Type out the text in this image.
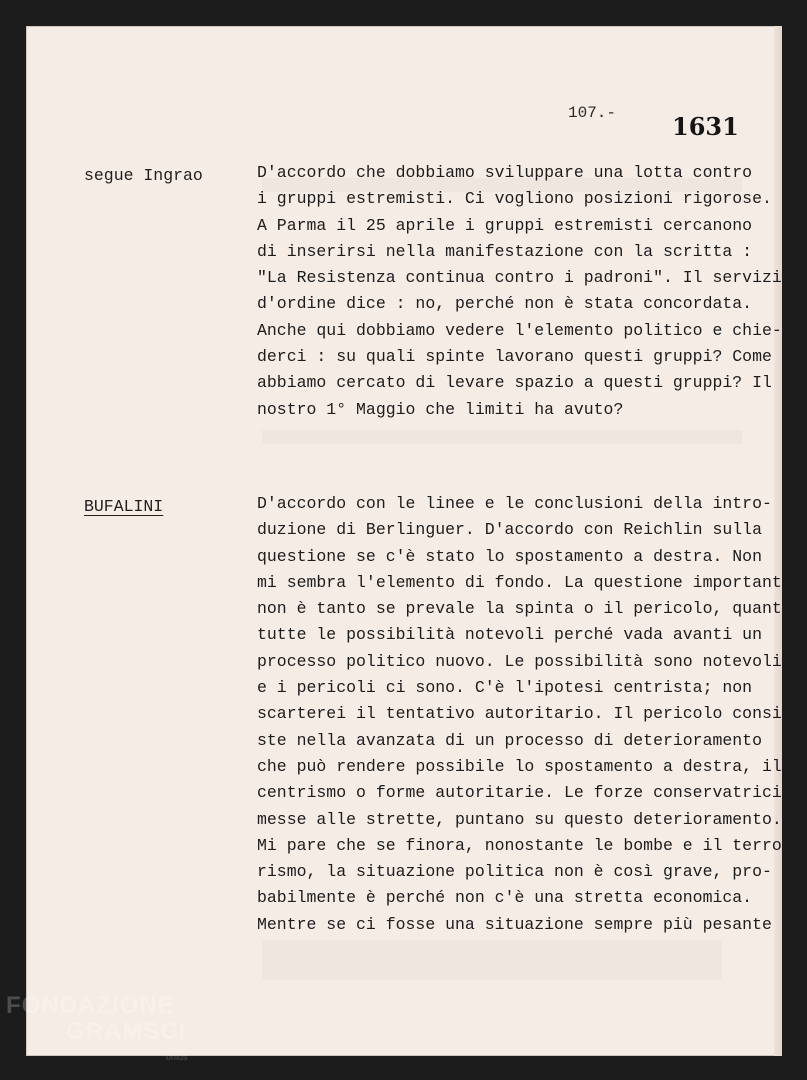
107.- 1631
segue Ingrao	D'accordo che dobbiamo sviluppare una lotta contro
i gruppi estremisti. Ci vogliono posizioni rigorose.
A Parma il 25 aprile i gruppi estremisti cercanono
di inserirsi nella manifestazione con la scritta :
"La Resistenza continua contro i padroni". Il servizio
d'ordine dice : no, perché non è stata concordata.
Anche qui dobbiamo vedere l'elemento politico e chie-
derci : su quali spinte lavorano questi gruppi? Come
abbiamo cercato di levare spazio a questi gruppi? Il
nostro 1° Maggio che limiti ha avuto?
BUFALINI	D'accordo con le linee e le conclusioni della intro-
duzione di Berlinguer. D'accordo con Reichlin sulla
questione se c'è stato lo spostamento a destra. Non
mi sembra l'elemento di fondo. La questione importante
non è tanto se prevale la spinta o il pericolo, quanto
tutte le possibilità notevoli perché vada avanti un
processo politico nuovo. Le possibilità sono notevoli
e i pericoli ci sono. C'è l'ipotesi centrista; non
scarterei il tentativo autoritario. Il pericolo consi-
ste nella avanzata di un processo di deterioramento
che può rendere possibile lo spostamento a destra, il
centrismo o forme autoritarie. Le forze conservatrici,
messe alle strette, puntano su questo deterioramento.
Mi pare che se finora, nonostante le bombe e il terro-
rismo, la situazione politica non è così grave, pro-
babilmente è perché non c'è una stretta economica.
Mentre se ci fosse una situazione sempre più pesante
FONDAZIONE
GRAMSCI
onlus
